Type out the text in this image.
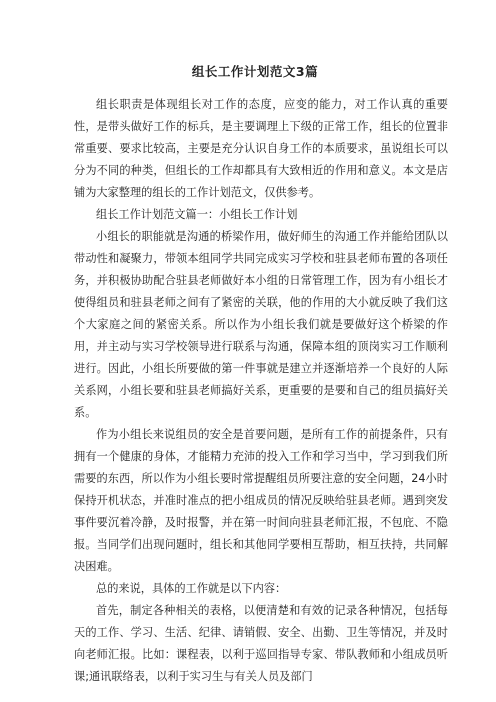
组长工作计划范文3篇

组长职责是体现组长对工作的态度，应变的能力，对工作认真的重要性，是带头做好工作的标兵，是主要调理上下级的正常工作，组长的位置非常重要、要求比较高，主要是充分认识自身工作的本质要求，虽说组长可以分为不同的种类，但组长的工作却都具有大致相近的作用和意义。本文是店铺为大家整理的组长的工作计划范文，仅供参考。

组长工作计划范文篇一：小组长工作计划

小组长的职能就是沟通的桥梁作用，做好师生的沟通工作并能给团队以带动性和凝聚力，带领本组同学共同完成实习学校和驻县老师布置的各项任务，并积极协助配合驻县老师做好本小组的日常管理工作，因为有小组长才使得组员和驻县老师之间有了紧密的关联，他的作用的大小就反映了我们这个大家庭之间的紧密关系。所以作为小组长我们就是要做好这个桥梁的作用，并主动与实习学校领导进行联系与沟通，保障本组的顶岗实习工作顺利进行。因此，小组长所要做的第一件事就是建立并逐渐培养一个良好的人际关系网，小组长要和驻县老师搞好关系，更重要的是要和自己的组员搞好关系。

作为小组长来说组员的安全是首要问题，是所有工作的前提条件，只有拥有一个健康的身体，才能精力充沛的投入工作和学习当中，学习到我们所需要的东西，所以作为小组长要时常提醒组员所要注意的安全问题，24小时保持开机状态，并准时准点的把小组成员的情况反映给驻县老师。遇到突发事件要沉着冷静，及时报警，并在第一时间向驻县老师汇报，不包庇、不隐报。当同学们出现问题时，组长和其他同学要相互帮助，相互扶持，共同解决困难。

总的来说，具体的工作就是以下内容：

首先，制定各种相关的表格，以便清楚和有效的记录各种情况，包括每天的工作、学习、生活、纪律、请销假、安全、出勤、卫生等情况，并及时向老师汇报。比如：课程表，以利于巡回指导专家、带队教师和小组成员听课;通讯联络表，以利于实习生与有关人员及部门
